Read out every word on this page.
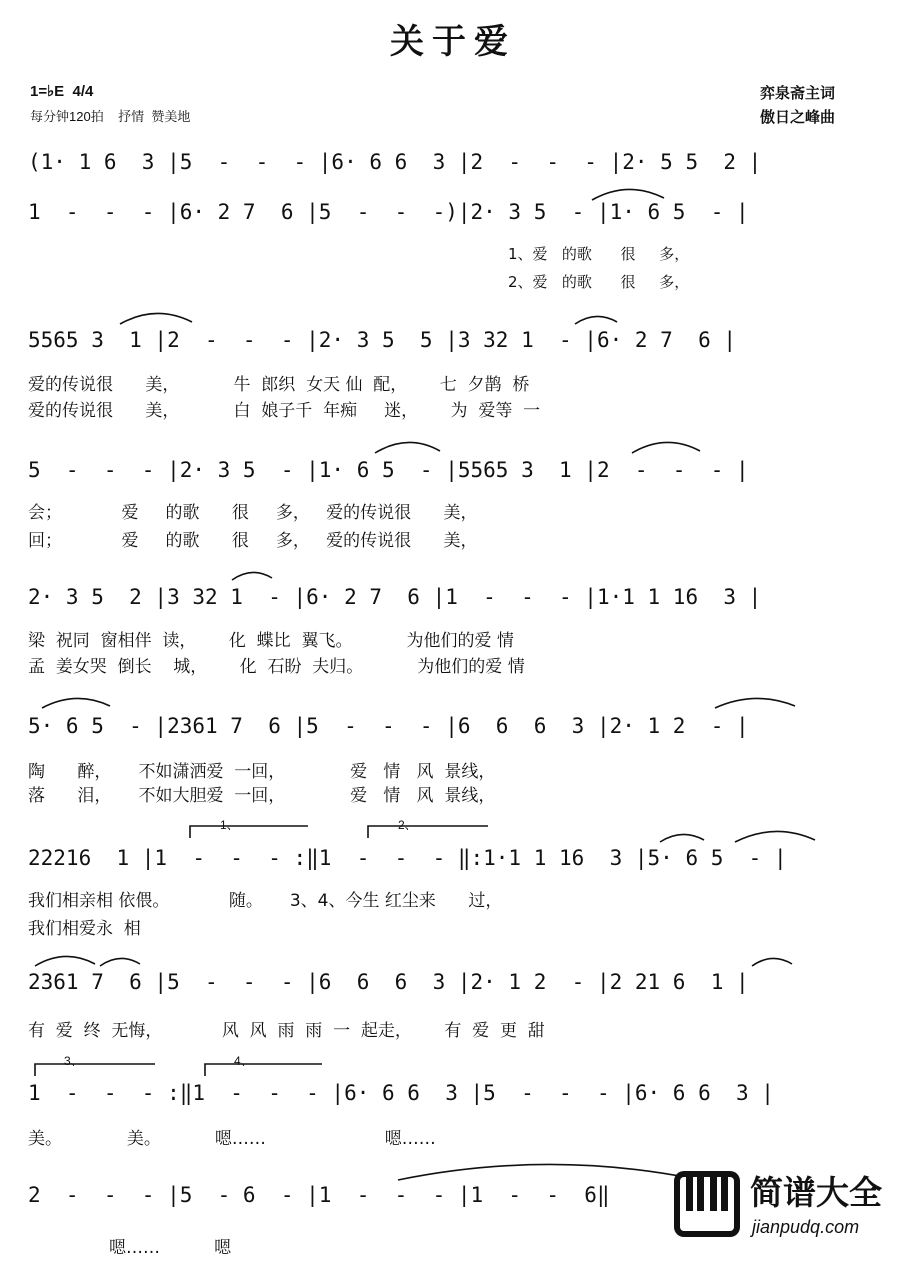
关于爱
1=♭E  4/4
每分钟120拍    抒情  赞美地
弈泉斋主词
傲日之峰曲
(1· 1 6  3 |5  -  -  - |6· 6 6  3 |2  -  -  - |2· 5 5  2 |
1  -  -  - |6· 2 7  6 |5  -  -  -)|2· 3 5  - |1· 6 5  - |
1、爱   的歌      很     多，
2、爱   的歌      很     多，
5565 3  1 |2  -  -  - |2· 3 5  5 |3 32 1  - |6· 2 7  6 |
爱的传说很      美，          牛  郎织  女天 仙  配，      七  夕鹊  桥
爱的传说很      美，          白  娘子千  年痴     迷，      为  爱等  一
5  -  -  - |2· 3 5  - |1· 6 5  - |5565 3  1 |2  -  -  - |
会；           爱     的歌      很     多，   爱的传说很      美，
回；           爱     的歌      很     多，   爱的传说很      美，
2· 3 5  2 |3 32 1  - |6· 2 7  6 |1  -  -  - |1·1 1 16  3 |
梁  祝同  窗相伴  读，      化  蝶比  翼飞。          为他们的爱 情
孟  姜女哭  倒长    城，      化  石盼  夫归。          为他们的爱 情
5· 6 5  - |2361 7  6 |5  -  -  - |6  6  6  3 |2· 1 2  - |
陶      醉，     不如潇洒爱  一回，            爱   情   风  景线，
落      泪，     不如大胆爱  一回，            爱   情   风  景线，
1、	2、
22216  1 |1  -  -  - :‖1  -  -  - ‖:1·1 1 16  3 |5· 6 5  - |
我们相亲相 依偎。           随。     3、4、今生 红尘来      过，
我们相爱永  相
2361 7  6 |5  -  -  - |6  6  6  3 |2· 1 2  - |2 21 6  1 |
有  爱  终  无悔，           风  风  雨  雨  一  起走，      有  爱  更  甜
3、	4、
1  -  -  - :‖1  -  -  - |6· 6 6  3 |5  -  -  - |6· 6 6  3 |
美。            美。          嗯……                      嗯……
2  -  -  - |5  - 6  - |1  -  -  - |1  -  -  6‖
嗯……          嗯

简谱大全

jianpudq.com
